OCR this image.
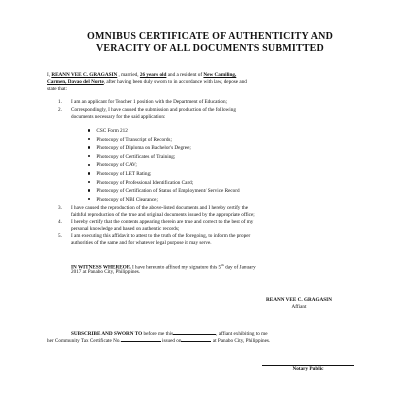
OMNIBUS CERTIFICATE OF AUTHENTICITY AND
VERACITY OF ALL DOCUMENTS SUBMITTED
I, REANN VEE C. GRAGASIN , married, 26 years old and a resident of New Camiling,
Carmen, Davao del Norte, after having been duly sworn to in accordance with law, depose and
state that:
1. I am an applicant for Teacher 1 position with the Department of Education;
2. Correspondingly, I have caused the submission and production of the following
documents necessary for the said application:
CSC Form 212
Photocopy of Transcript of Records;
Photocopy of Diploma on Bachelor's Degree;
Photocopy of Certificates of Training;
Photocopy of CAV;
Photocopy of LET Rating;
Photocopy of Professional Identification Card;
Photocopy of Certification of Status of Employment/ Service Record
Photocopy of NBI Clearance;
3. I have caused the reproduction of the above-listed documents and I hereby certify the
faithful reproduction of the true and original documents issued by the appropriate office;
4. I hereby certify that the contents appearing therein are true and correct to the best of my
personal knowledge and based on authentic records;
5. I am executing this affidavit to attest to the truth of the foregoing, to inform the proper
authorities of the same and for whatever legal purpose it may serve.
IN WITNESS WHEREOF, I have hereunto affixed my signature this 5th day of January
2017 at Panabo City, Philippines.
REANN VEE C. GRAGASIN
Affiant
SUBSCRIBE AND SWORN TO before me this	, affiant exhibiting to me
her Community Tax Certificate No.	issued on	at Panabo City, Philippines.
Notary Public
